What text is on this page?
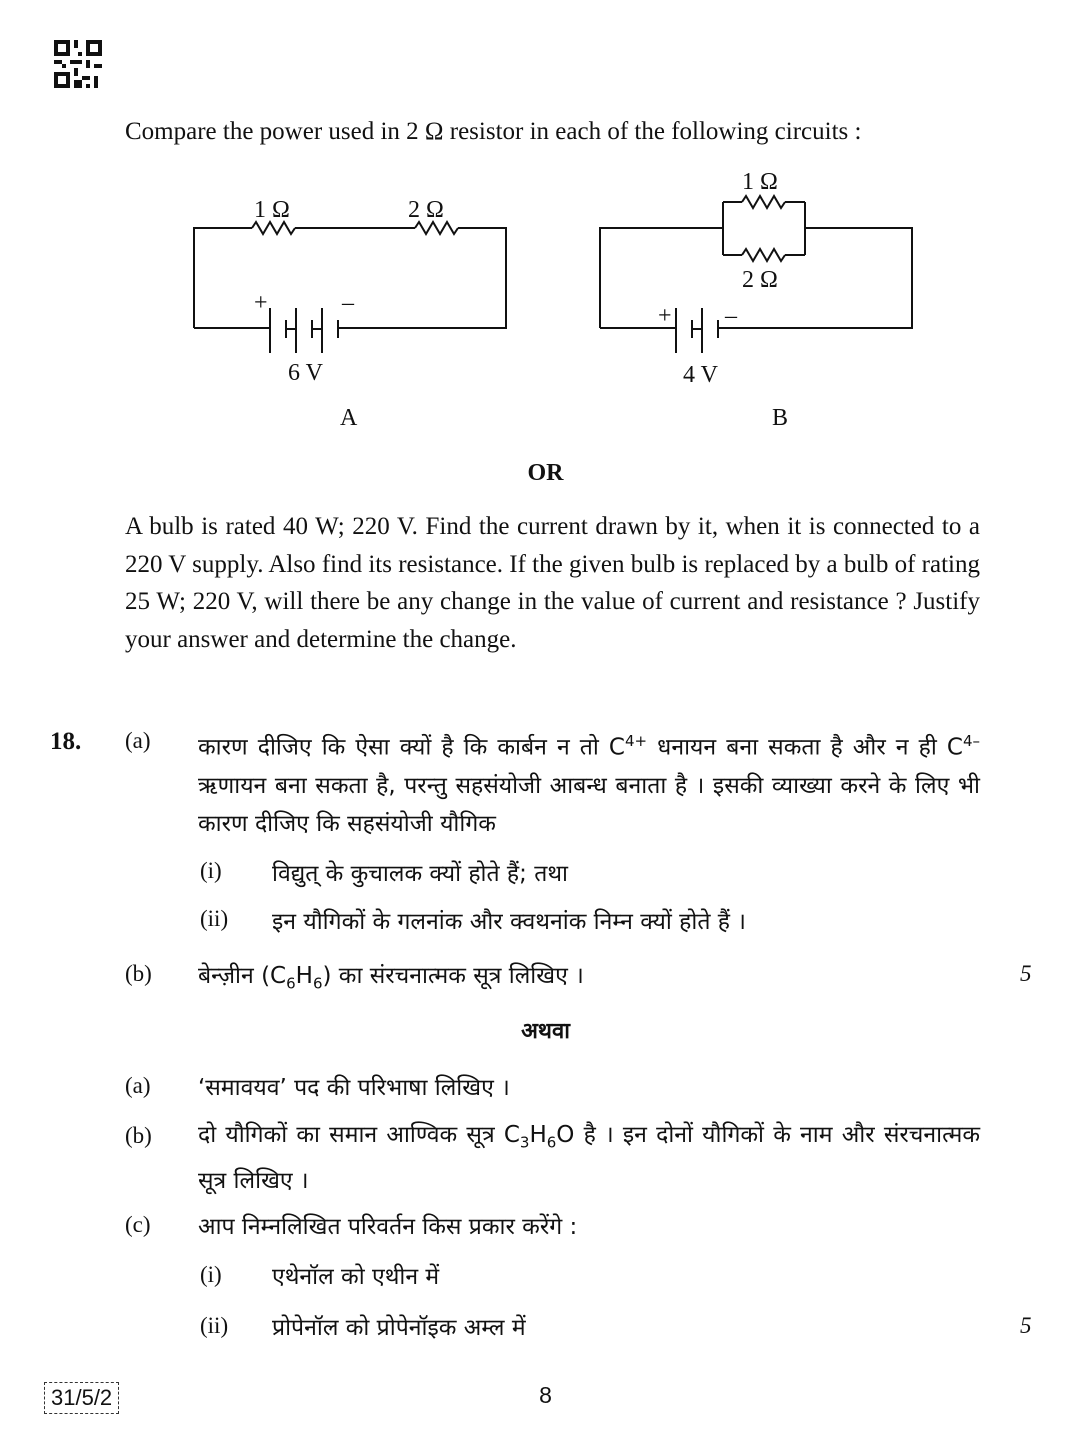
Compare the power used in 2 Ω resistor in each of the following circuits :
1 Ω	2 Ω
+	–
6 V
A
1 Ω
2 Ω
+ –
4 V
B
OR
A bulb is rated 40 W; 220 V. Find the current drawn by it, when it is connected to a 220 V supply. Also find its resistance. If the given bulb is replaced by a bulb of rating 25 W; 220 V, will there be any change in the value of current and resistance ? Justify your answer and determine the change.
18. (a) कारण दीजिए कि ऐसा क्यों है कि कार्बन न तो $C^{4+}$ धनायन बना सकता है और न ही $C^{4-}$ ऋणायन बना सकता है, परन्तु सहसंयोजी आबन्ध बनाता है । इसकी व्याख्या करने के लिए भी कारण दीजिए कि सहसंयोजी यौगिक
(i) विद्युत् के कुचालक क्यों होते हैं; तथा
(ii) इन यौगिकों के गलनांक और क्वथनांक निम्न क्यों होते हैं ।
(b) बेन्ज़ीन $(C_6H_6)$ का संरचनात्मक सूत्र लिखिए ।	5
अथवा
(a) ‘समावयव’ पद की परिभाषा लिखिए ।
(b) दो यौगिकों का समान आण्विक सूत्र $C_3H_6O$ है । इन दोनों यौगिकों के नाम और संरचनात्मक सूत्र लिखिए ।
(c) आप निम्नलिखित परिवर्तन किस प्रकार करेंगे :
(i) एथेनॉल को एथीन में
(ii) प्रोपेनॉल को प्रोपेनॉइक अम्ल में	5
31/5/2	8
